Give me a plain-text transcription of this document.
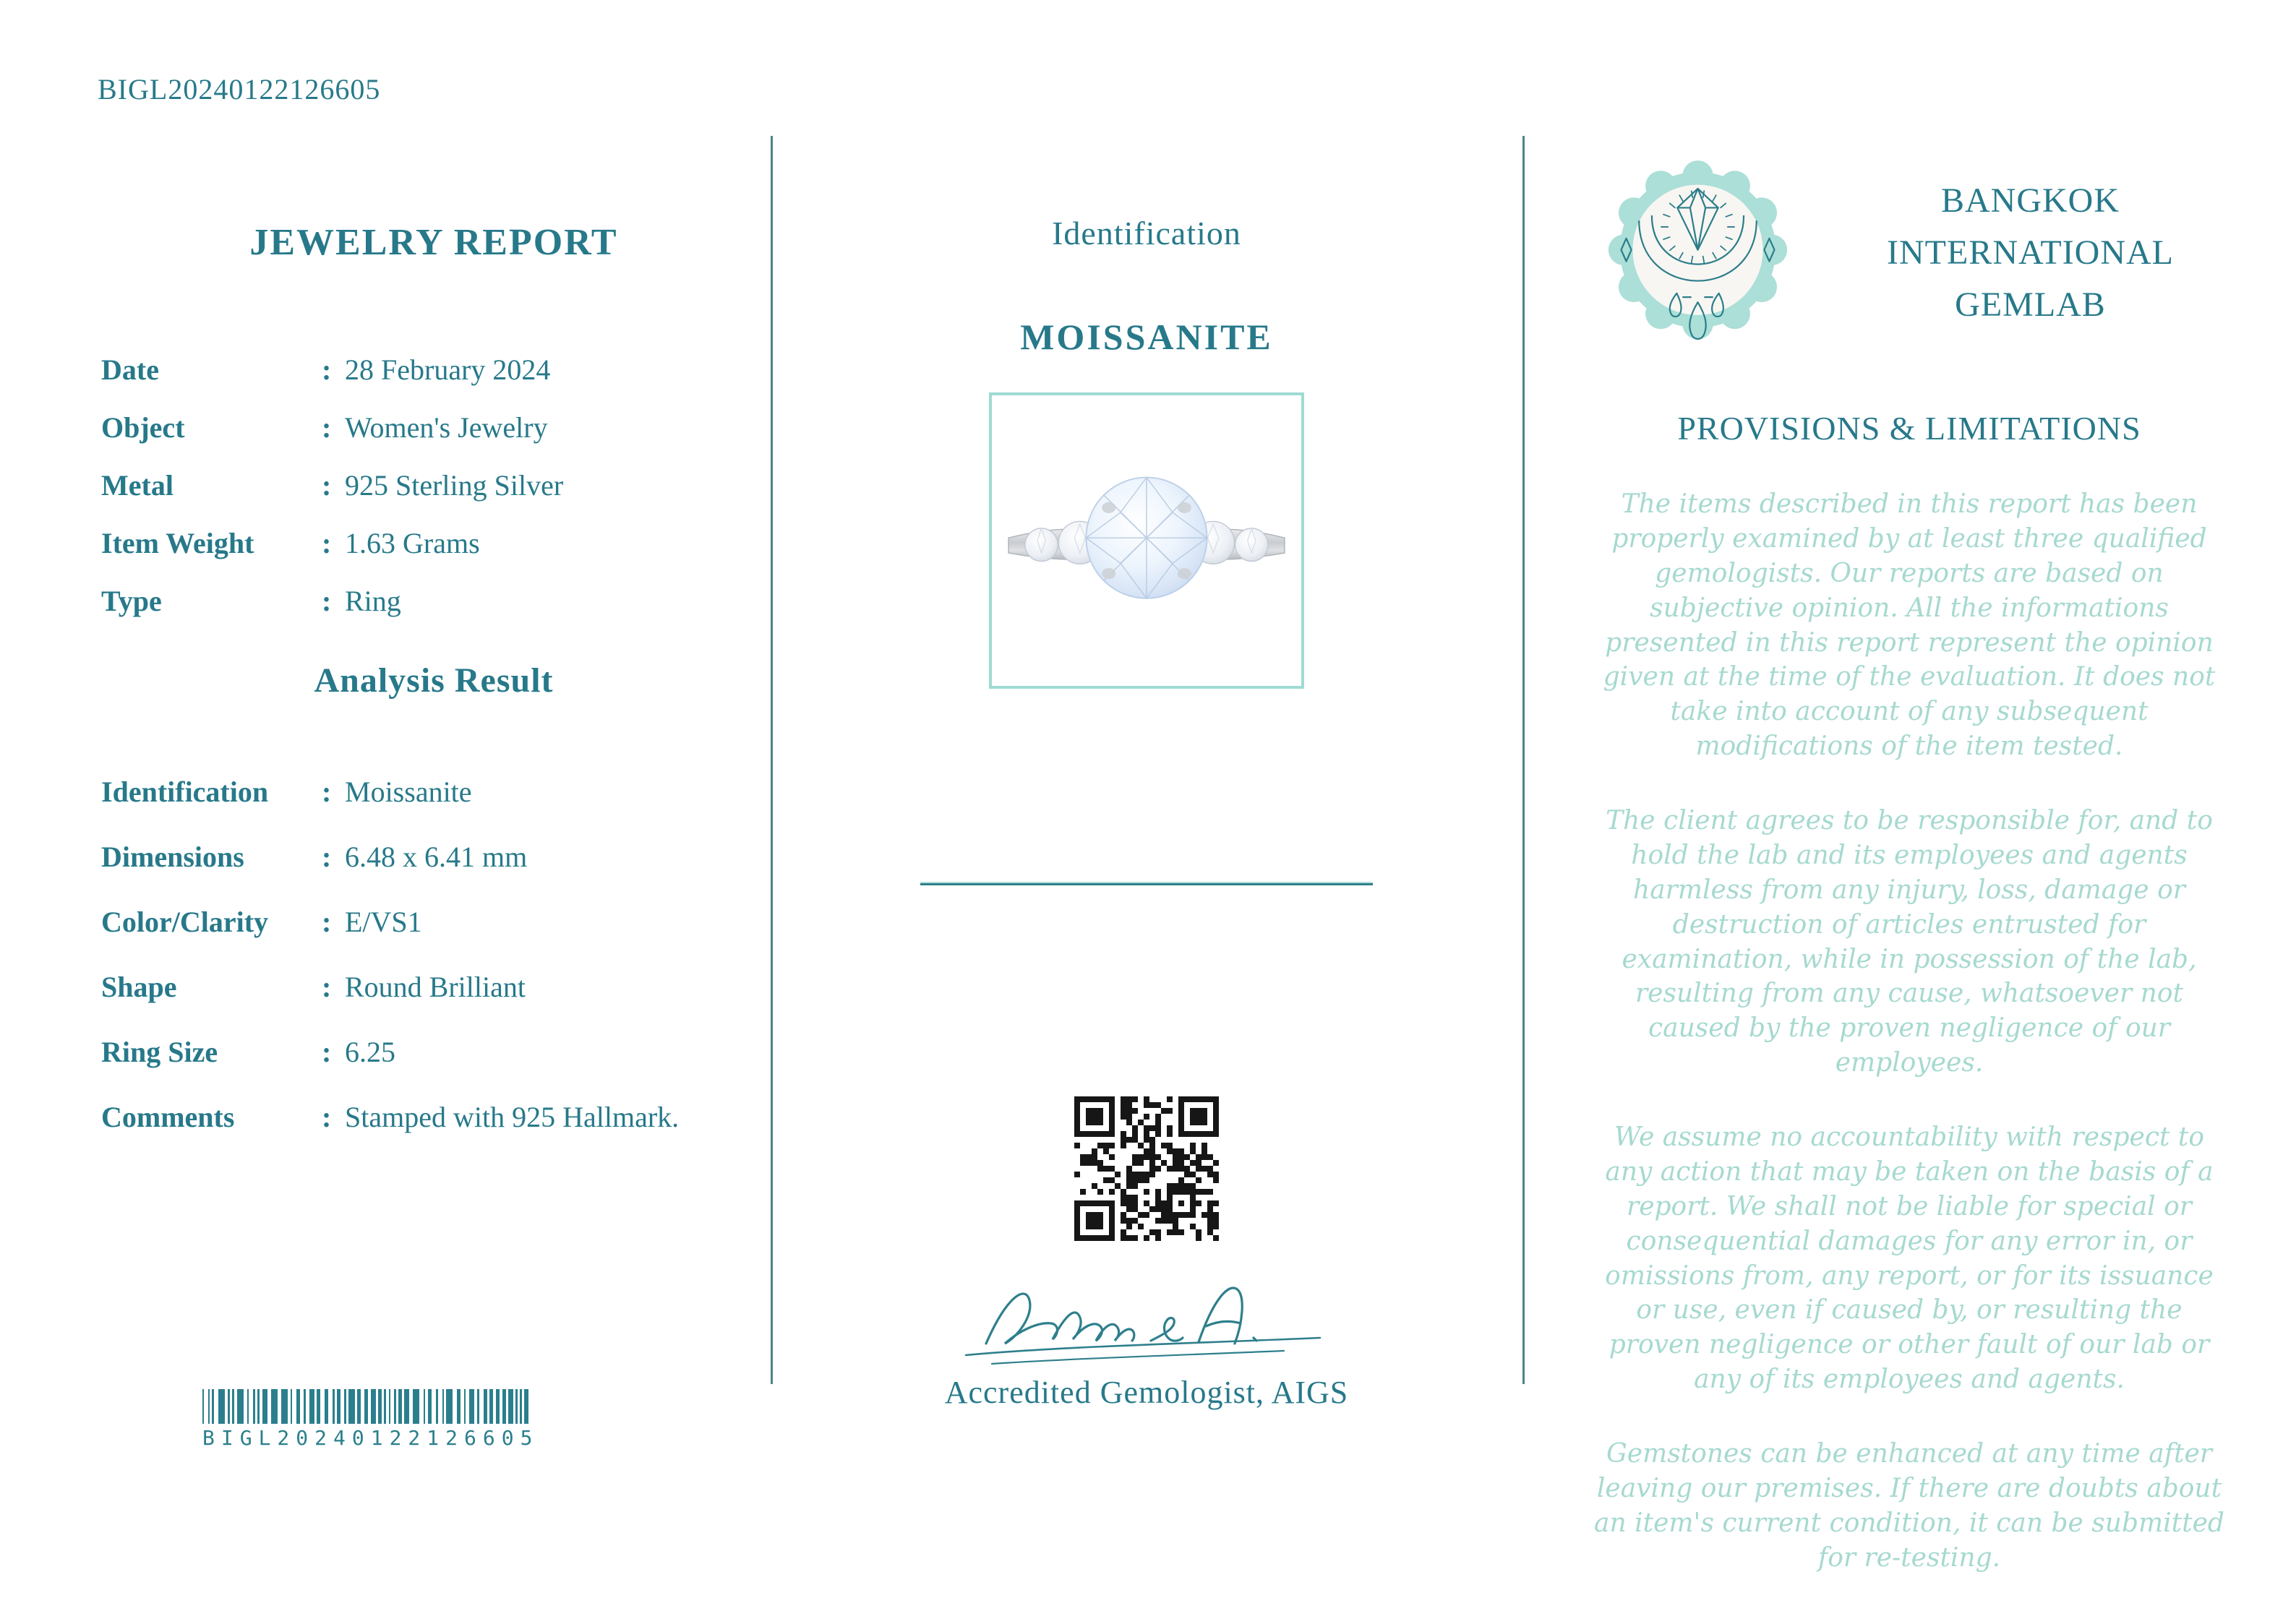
BIGL20240122126605
JEWELRY REPORT
Date	: 28 February 2024
Object	: Women's Jewelry
Metal	: 925 Sterling Silver
Item Weight	: 1.63 Grams
Type	: Ring
Analysis Result
Identification	: Moissanite
Dimensions	: 6.48 x 6.41 mm
Color/Clarity	: E/VS1
Shape	: Round Brilliant
Ring Size	: 6.25
Comments	: Stamped with 925 Hallmark.
BIGL20240122126605
Identification
MOISSANITE
Accredited Gemologist, AIGS
BANGKOK
INTERNATIONAL
GEMLAB
PROVISIONS & LIMITATIONS

The items described in this report has been properly examined by at least three qualified gemologists. Our reports are based on subjective opinion. All the informations presented in this report represent the opinion given at the time of the evaluation. It does not take into account of any subsequent modifications of the item tested.

The client agrees to be responsible for, and to hold the lab and its employees and agents harmless from any injury, loss, damage or destruction of articles entrusted for examination, while in possession of the lab, resulting from any cause, whatsoever not caused by the proven negligence of our employees.

We assume no accountability with respect to any action that may be taken on the basis of a report. We shall not be liable for special or consequential damages for any error in, or omissions from, any report, or for its issuance or use, even if caused by, or resulting the proven negligence or other fault of our lab or any of its employees and agents.

Gemstones can be enhanced at any time after leaving our premises. If there are doubts about an item's current condition, it can be submitted for re-testing.
